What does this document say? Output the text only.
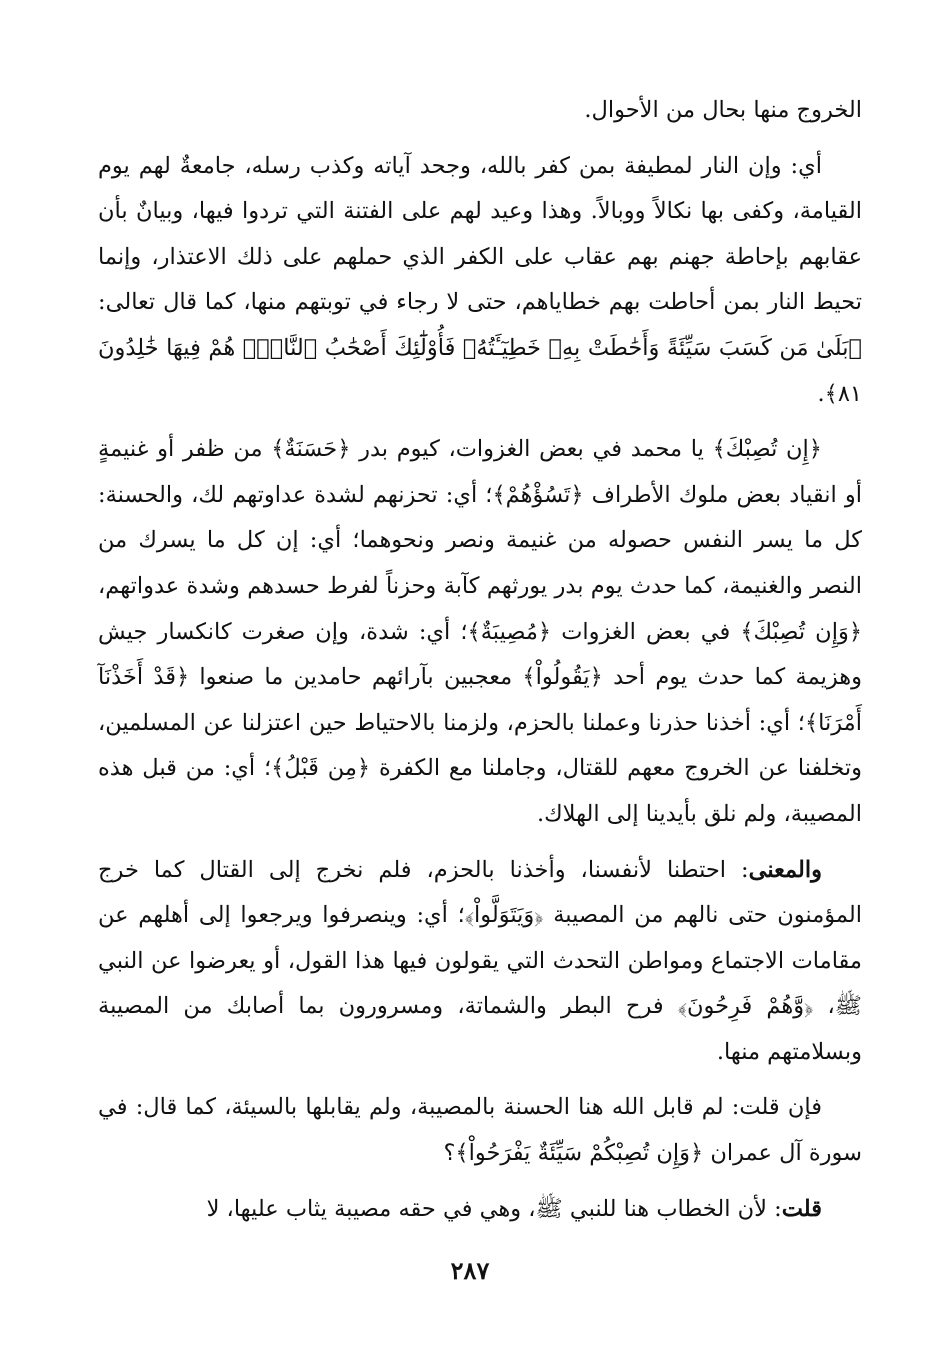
الخروج منها بحال من الأحوال.

أي: وإن النار لمطيفة بمن كفر بالله، وجحد آياته وكذب رسله، جامعةٌ لهم يوم القيامة، وكفى بها نكالاً ووبالاً. وهذا وعيد لهم على الفتنة التي تردوا فيها، وبيانٌ بأن عقابهم بإحاطة جهنم بهم عقاب على الكفر الذي حملهم على ذلك الاعتذار، وإنما تحيط النار بمن أحاطت بهم خطاياهم، حتى لا رجاء في توبتهم منها، كما قال تعالى: ﴿بَلَىٰ مَن كَسَبَ سَيِّئَةً وَأَحَٰطَتْ بِهِۦ خَطِيٓـَٔتُهُۥ فَأُوْلَٰٓئِكَ أَصْحَٰبُ ٱلنَّارِۖ هُمْ فِيهَا خَٰلِدُونَ ٨١﴾.

﴿إِن تُصِبْكَ﴾ يا محمد في بعض الغزوات، كيوم بدر ﴿حَسَنَةٌ﴾ من ظفر أو غنيمةٍ أو انقياد بعض ملوك الأطراف ﴿تَسُؤْهُمْ﴾؛ أي: تحزنهم لشدة عداوتهم لك، والحسنة: كل ما يسر النفس حصوله من غنيمة ونصر ونحوهما؛ أي: إن كل ما يسرك من النصر والغنيمة، كما حدث يوم بدر يورثهم كآبة وحزناً لفرط حسدهم وشدة عدواتهم، ﴿وَإِن تُصِبْكَ﴾ في بعض الغزوات ﴿مُصِيبَةٌ﴾؛ أي: شدة، وإن صغرت كانكسار جيش وهزيمة كما حدث يوم أحد ﴿يَقُولُواْ﴾ معجبين بآرائهم حامدين ما صنعوا ﴿قَدْ أَخَذْنَآ أَمْرَنَا﴾؛ أي: أخذنا حذرنا وعملنا بالحزم، ولزمنا بالاحتياط حين اعتزلنا عن المسلمين، وتخلفنا عن الخروج معهم للقتال، وجاملنا مع الكفرة ﴿مِن قَبْلُ﴾؛ أي: من قبل هذه المصيبة، ولم نلق بأيدينا إلى الهلاك.

والمعنى: احتطنا لأنفسنا، وأخذنا بالحزم، فلم نخرج إلى القتال كما خرج المؤمنون حتى نالهم من المصيبة ﴿وَيَتَوَلَّواْ﴾؛ أي: وينصرفوا ويرجعوا إلى أهلهم عن مقامات الاجتماع ومواطن التحدث التي يقولون فيها هذا القول، أو يعرضوا عن النبي ﷺ، ﴿وَّهُمْ فَرِحُونَ﴾ فرح البطر والشماتة، ومسرورون بما أصابك من المصيبة وبسلامتهم منها.

فإن قلت: لم قابل الله هنا الحسنة بالمصيبة، ولم يقابلها بالسيئة، كما قال: في سورة آل عمران ﴿وَإِن تُصِبْكُمْ سَيِّئَةٌ يَفْرَحُواْ﴾؟

قلت: لأن الخطاب هنا للنبي ﷺ، وهي في حقه مصيبة يثاب عليها، لا

٢٨٧
